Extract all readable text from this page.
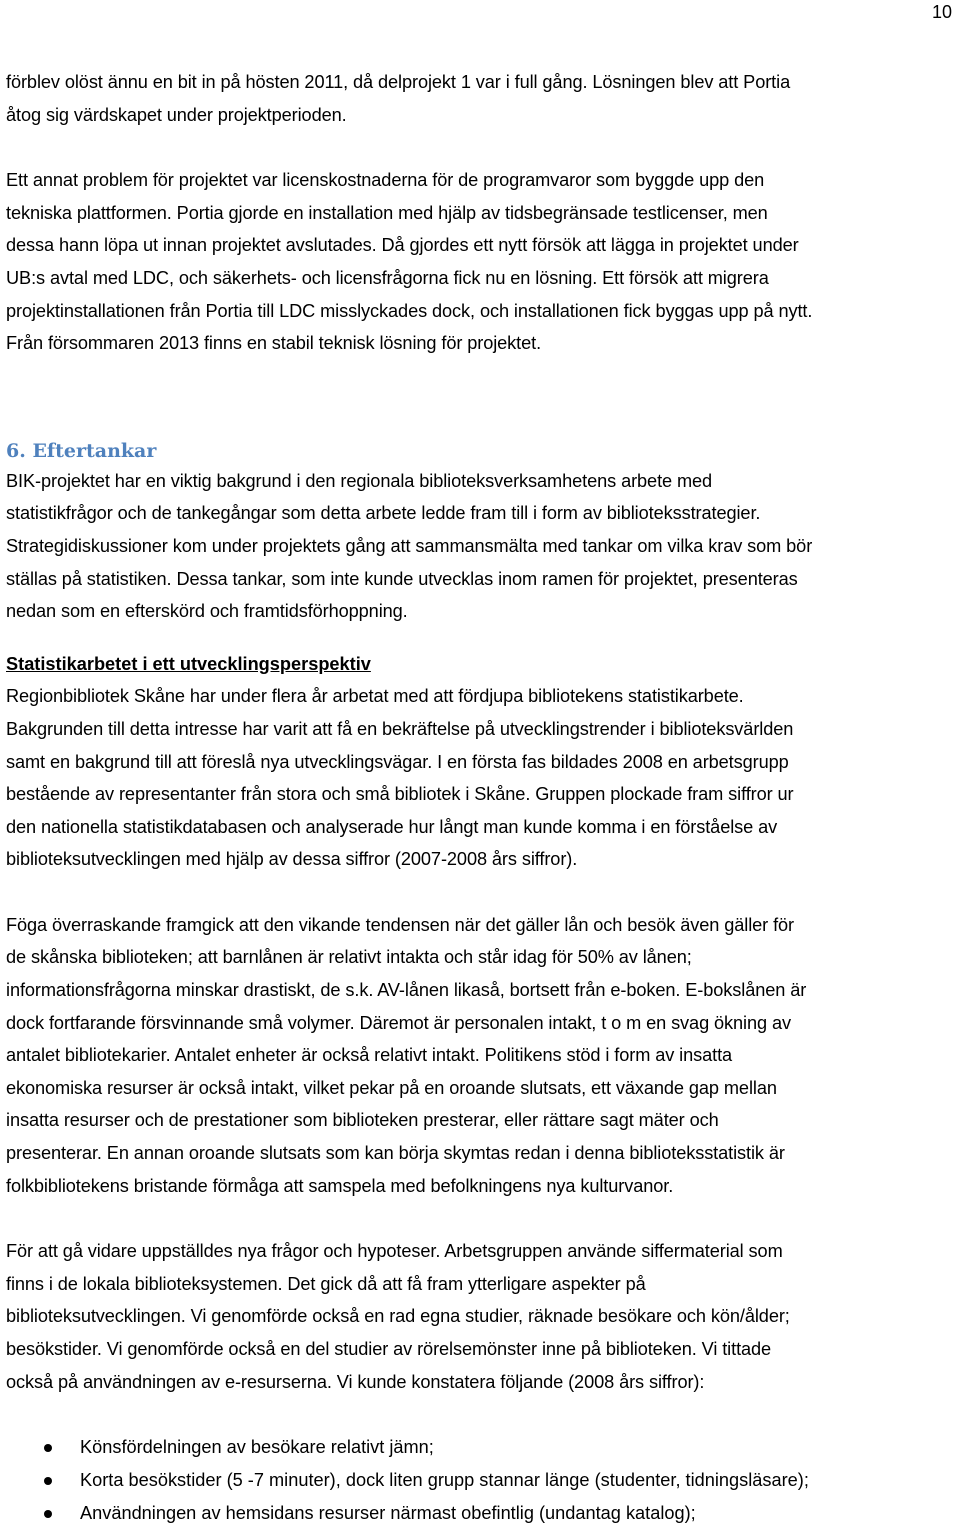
10

förblev olöst ännu en bit in på hösten 2011, då delprojekt 1 var i full gång. Lösningen blev att Portia
åtog sig värdskapet under projektperioden.

Ett annat problem för projektet var licenskostnaderna för de programvaror som byggde upp den
tekniska plattformen. Portia gjorde en installation med hjälp av tidsbegränsade testlicenser, men
dessa hann löpa ut innan projektet avslutades. Då gjordes ett nytt försök att lägga in projektet under
UB:s avtal med LDC, och säkerhets- och licensfrågorna fick nu en lösning. Ett försök att migrera
projektinstallationen från Portia till LDC misslyckades dock, och installationen fick byggas upp på nytt.
Från försommaren 2013 finns en stabil teknisk lösning för projektet.

6. Eftertankar

BIK-projektet har en viktig bakgrund i den regionala biblioteksverksamhetens arbete med
statistikfrågor och de tankegångar som detta arbete ledde fram till i form av biblioteksstrategier.
Strategidiskussioner kom under projektets gång att sammansmälta med tankar om vilka krav som bör
ställas på statistiken. Dessa tankar, som inte kunde utvecklas inom ramen för projektet, presenteras
nedan som en efterskörd och framtidsförhoppning.

Statistikarbetet i ett utvecklingsperspektiv

Regionbibliotek Skåne har under flera år arbetat med att fördjupa bibliotekens statistikarbete.
Bakgrunden till detta intresse har varit att få en bekräftelse på utvecklingstrender i biblioteksvärlden
samt en bakgrund till att föreslå nya utvecklingsvägar. I en första fas bildades 2008 en arbetsgrupp
bestående av representanter från stora och små bibliotek i Skåne. Gruppen plockade fram siffror ur
den nationella statistikdatabasen och analyserade hur långt man kunde komma i en förståelse av
biblioteksutvecklingen med hjälp av dessa siffror (2007-2008 års siffror).

Föga överraskande framgick att den vikande tendensen när det gäller lån och besök även gäller för
de skånska biblioteken; att barnlånen är relativt intakta och står idag för 50% av lånen;
informationsfrågorna minskar drastiskt, de s.k. AV-lånen likaså, bortsett från e-boken. E-bokslånen är
dock fortfarande försvinnande små volymer. Däremot är personalen intakt, t o m en svag ökning av
antalet bibliotekarier. Antalet enheter är också relativt intakt. Politikens stöd i form av insatta
ekonomiska resurser är också intakt, vilket pekar på en oroande slutsats, ett växande gap mellan
insatta resurser och de prestationer som biblioteken presterar, eller rättare sagt mäter och
presenterar. En annan oroande slutsats som kan börja skymtas redan i denna biblioteksstatistik är
folkbibliotekens bristande förmåga att samspela med befolkningens nya kulturvanor.

För att gå vidare uppställdes nya frågor och hypoteser. Arbetsgruppen använde siffermaterial som
finns i de lokala biblioteksystemen. Det gick då att få fram ytterligare aspekter på
biblioteksutvecklingen. Vi genomförde också en rad egna studier, räknade besökare och kön/ålder;
besökstider. Vi genomförde också en del studier av rörelsemönster inne på biblioteken. Vi tittade
också på användningen av e-resurserna. Vi kunde konstatera följande (2008 års siffror):

Könsfördelningen av besökare relativt jämn;
Korta besökstider (5 -7 minuter), dock liten grupp stannar länge (studenter, tidningsläsare);
Användningen av hemsidans resurser närmast obefintlig (undantag katalog);
